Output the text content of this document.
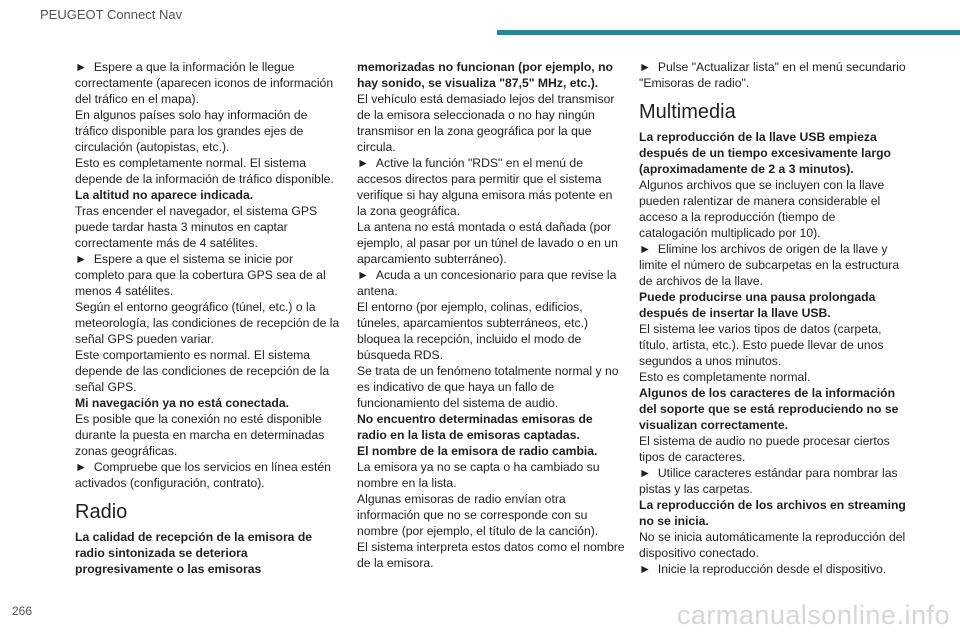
PEUGEOT Connect Nav

►  Espere a que la información le llegue correctamente (aparecen iconos de información del tráfico en el mapa).

En algunos países solo hay información de tráfico disponible para los grandes ejes de circulación (autopistas, etc.).

Esto es completamente normal. El sistema depende de la información de tráfico disponible.

La altitud no aparece indicada.

Tras encender el navegador, el sistema GPS puede tardar hasta 3 minutos en captar correctamente más de 4 satélites.

►  Espere a que el sistema se inicie por completo para que la cobertura GPS sea de al menos 4 satélites.

Según el entorno geográfico (túnel, etc.) o la meteorología, las condiciones de recepción de la señal GPS pueden variar.

Este comportamiento es normal. El sistema depende de las condiciones de recepción de la señal GPS.

Mi navegación ya no está conectada.

Es posible que la conexión no esté disponible durante la puesta en marcha en determinadas zonas geográficas.

►  Compruebe que los servicios en línea estén activados (configuración, contrato).

Radio

La calidad de recepción de la emisora de radio sintonizada se deteriora progresivamente o las emisoras

memorizadas no funcionan (por ejemplo, no hay sonido, se visualiza "87,5" MHz, etc.).

El vehículo está demasiado lejos del transmisor de la emisora seleccionada o no hay ningún transmisor en la zona geográfica por la que circula.

►  Active la función "RDS" en el menú de accesos directos para permitir que el sistema verifique si hay alguna emisora más potente en la zona geográfica.

La antena no está montada o está dañada (por ejemplo, al pasar por un túnel de lavado o en un aparcamiento subterráneo).

►  Acuda a un concesionario para que revise la antena.

El entorno (por ejemplo, colinas, edificios, túneles, aparcamientos subterráneos, etc.) bloquea la recepción, incluido el modo de búsqueda RDS.

Se trata de un fenómeno totalmente normal y no es indicativo de que haya un fallo de funcionamiento del sistema de audio.

No encuentro determinadas emisoras de radio en la lista de emisoras captadas.

El nombre de la emisora de radio cambia.

La emisora ya no se capta o ha cambiado su nombre en la lista.

Algunas emisoras de radio envían otra información que no se corresponde con su nombre (por ejemplo, el título de la canción).

El sistema interpreta estos datos como el nombre de la emisora.

►  Pulse "Actualizar lista" en el menú secundario "Emisoras de radio".

Multimedia

La reproducción de la llave USB empieza después de un tiempo excesivamente largo (aproximadamente de 2 a 3 minutos).

Algunos archivos que se incluyen con la llave pueden ralentizar de manera considerable el acceso a la reproducción (tiempo de catalogación multiplicado por 10).

►  Elimine los archivos de origen de la llave y limite el número de subcarpetas en la estructura de archivos de la llave.

Puede producirse una pausa prolongada después de insertar la llave USB.

El sistema lee varios tipos de datos (carpeta, título, artista, etc.). Esto puede llevar de unos segundos a unos minutos.

Esto es completamente normal.

Algunos de los caracteres de la información del soporte que se está reproduciendo no se visualizan correctamente.

El sistema de audio no puede procesar ciertos tipos de caracteres.

►  Utilice caracteres estándar para nombrar las pistas y las carpetas.

La reproducción de los archivos en streaming no se inicia.

No se inicia automáticamente la reproducción del dispositivo conectado.

►  Inicie la reproducción desde el dispositivo.

266	carmanualsonline.info
